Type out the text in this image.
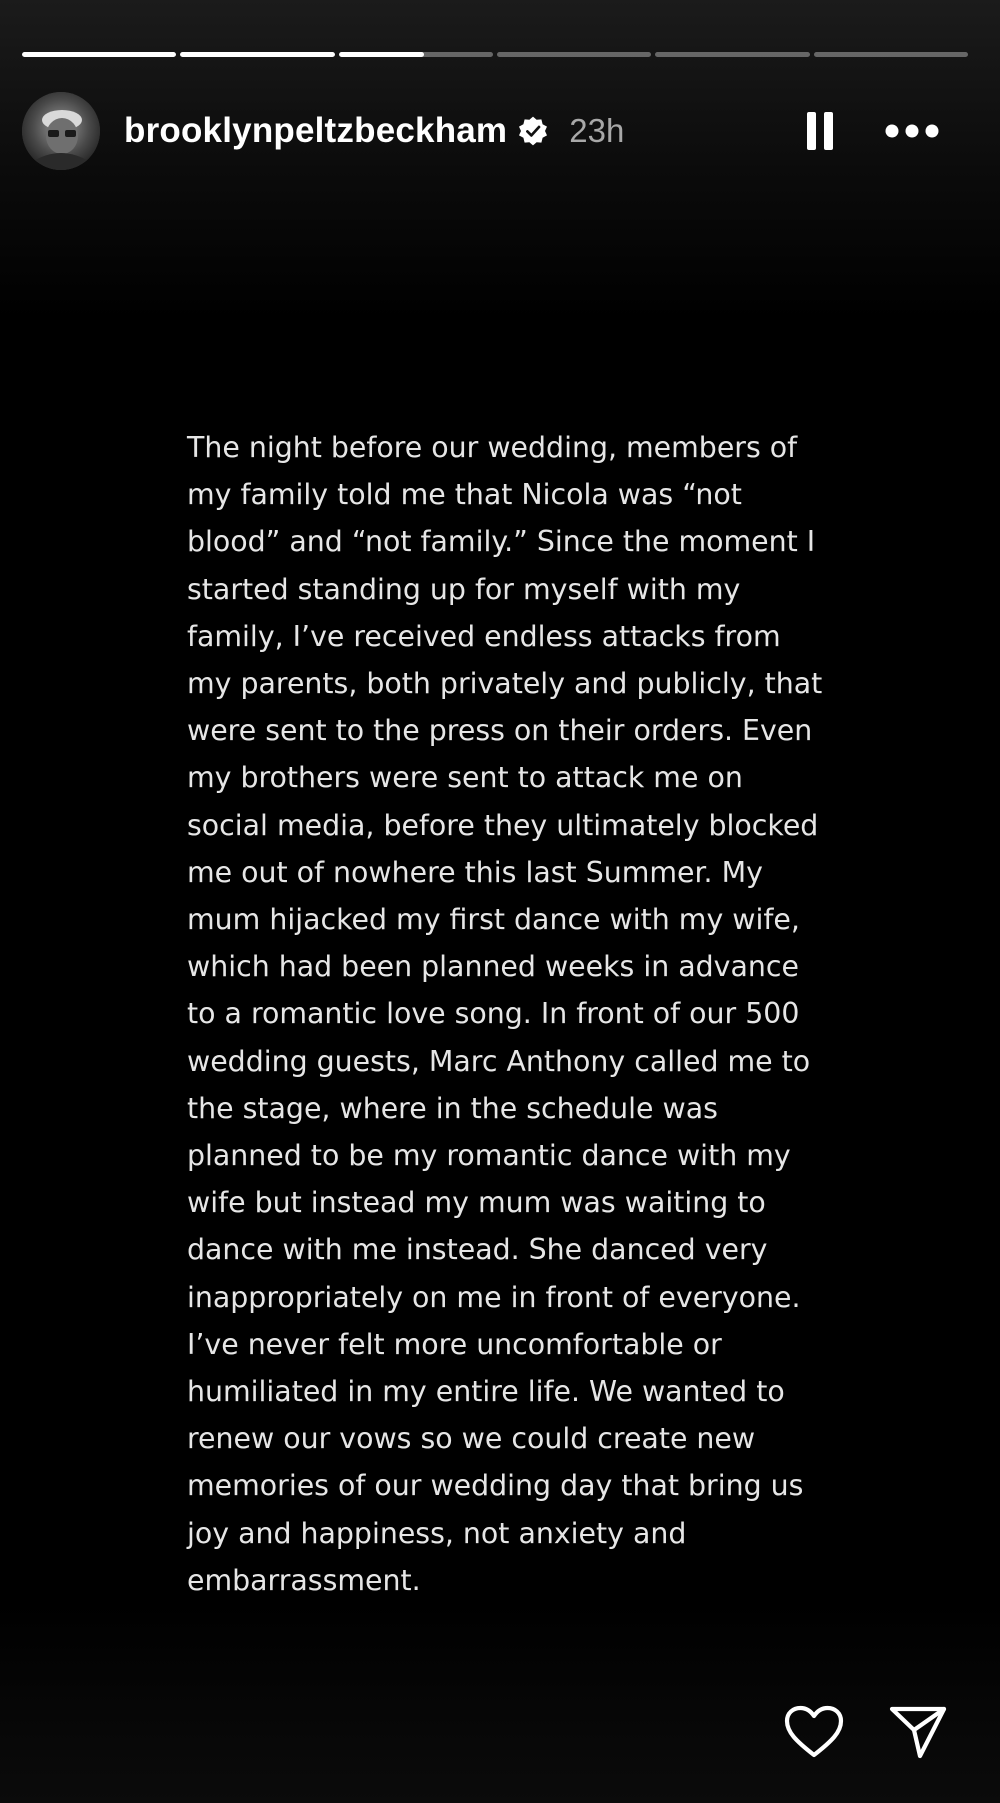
brooklynpeltzbeckham 23h
The night before our wedding, members of
my family told me that Nicola was “not
blood” and “not family.” Since the moment I
started standing up for myself with my
family, I’ve received endless attacks from
my parents, both privately and publicly, that
were sent to the press on their orders. Even
my brothers were sent to attack me on
social media, before they ultimately blocked
me out of nowhere this last Summer. My
mum hijacked my first dance with my wife,
which had been planned weeks in advance
to a romantic love song. In front of our 500
wedding guests, Marc Anthony called me to
the stage, where in the schedule was
planned to be my romantic dance with my
wife but instead my mum was waiting to
dance with me instead. She danced very
inappropriately on me in front of everyone.
I’ve never felt more uncomfortable or
humiliated in my entire life. We wanted to
renew our vows so we could create new
memories of our wedding day that bring us
joy and happiness, not anxiety and
embarrassment.
